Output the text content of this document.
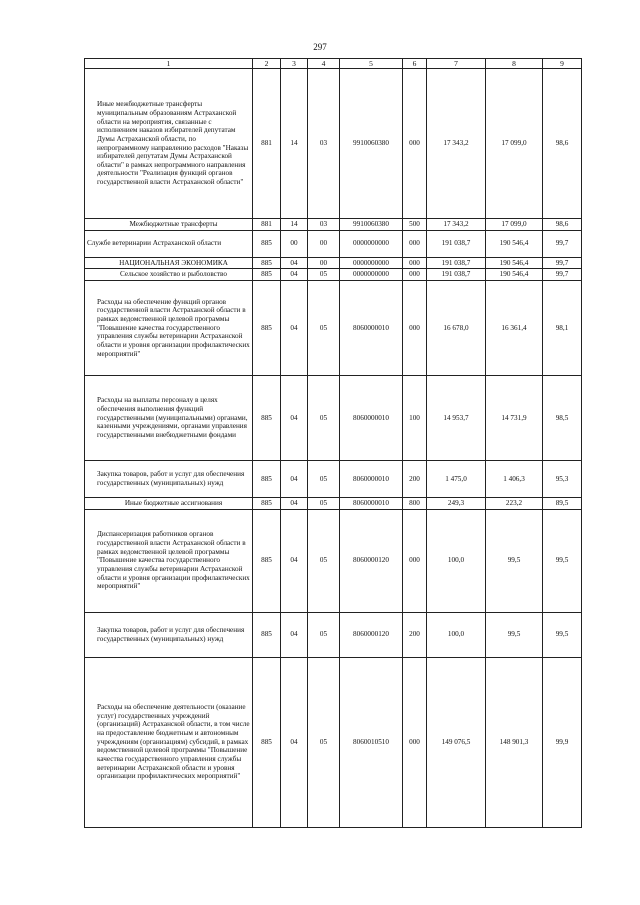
297
1	2	3	4	5	6	7	8	9
Иные межбюджетные трансферты муниципальным образованиям Астраханской области на мероприятия, связанные с исполнением наказов избирателей депутатам Думы Астраханской области, по непрограммному направлению расходов "Наказы избирателей депутатам Думы Астраханской области" в рамках непрограммного направления деятельности "Реализация функций органов государственной власти Астраханской области"	881	14	03	9910060380	000	17 343,2	17 099,0	98,6
Межбюджетные трансферты	881	14	03	9910060380	500	17 343,2	17 099,0	98,6
Службе ветеринарии Астраханской области	885	00	00	0000000000	000	191 038,7	190 546,4	99,7
НАЦИОНАЛЬНАЯ ЭКОНОМИКА	885	04	00	0000000000	000	191 038,7	190 546,4	99,7
Сельское хозяйство и рыболовство	885	04	05	0000000000	000	191 038,7	190 546,4	99,7
Расходы на обеспечение функций органов государственной власти Астраханской области в рамках ведомственной целевой программы "Повышение качества государственного управления службы ветеринарии Астраханской области и уровня организации профилактических мероприятий"	885	04	05	8060000010	000	16 678,0	16 361,4	98,1
Расходы на выплаты персоналу в целях обеспечения выполнения функций государственными (муниципальными) органами, казенными учреждениями, органами управления государственными внебюджетными фондами	885	04	05	8060000010	100	14 953,7	14 731,9	98,5
Закупка товаров, работ и услуг для обеспечения государственных (муниципальных) нужд	885	04	05	8060000010	200	1 475,0	1 406,3	95,3
Иные бюджетные ассигнования	885	04	05	8060000010	800	249,3	223,2	89,5
Диспансеризация работников органов государственной власти Астраханской области в рамках ведомственной целевой программы "Повышение качества государственного управления службы ветеринарии Астраханской области и уровня организации профилактических мероприятий"	885	04	05	8060000120	000	100,0	99,5	99,5
Закупка товаров, работ и услуг для обеспечения государственных (муниципальных) нужд	885	04	05	8060000120	200	100,0	99,5	99,5
Расходы на обеспечение деятельности (оказание услуг) государственных учреждений (организаций) Астраханской области, в том числе на предоставление бюджетным и автономным учреждениям (организациям) субсидий, в рамках ведомственной целевой программы "Повышение качества государственного управления службы ветеринарии Астраханской области и уровня организации профилактических мероприятий"	885	04	05	8060010510	000	149 076,5	148 901,3	99,9
